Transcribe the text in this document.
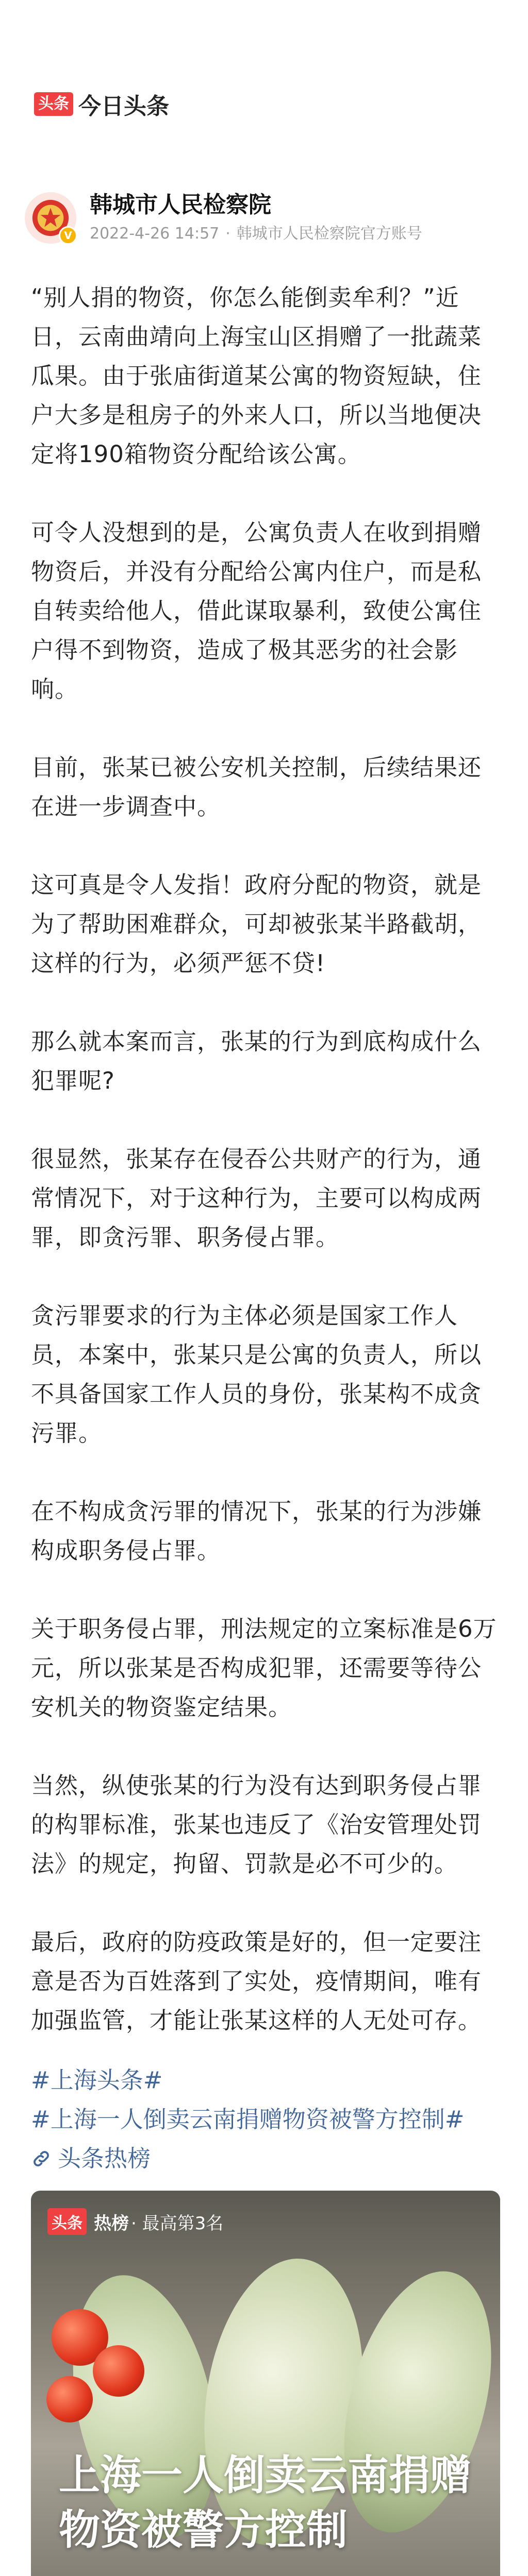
头条 今日头条
V
韩城市人民检察院
2022-4-26 14:57 · 韩城市人民检察院官方账号

“别人捐的物资，你怎么能倒卖牟利？”近日，云南曲靖向上海宝山区捐赠了一批蔬菜瓜果。由于张庙街道某公寓的物资短缺，住户大多是租房子的外来人口，所以当地便决定将190箱物资分配给该公寓。

可令人没想到的是，公寓负责人在收到捐赠物资后，并没有分配给公寓内住户，而是私自转卖给他人，借此谋取暴利，致使公寓住户得不到物资，造成了极其恶劣的社会影响。

目前，张某已被公安机关控制，后续结果还在进一步调查中。

这可真是令人发指！政府分配的物资，就是为了帮助困难群众，可却被张某半路截胡，这样的行为，必须严惩不贷!

那么就本案而言，张某的行为到底构成什么犯罪呢?

很显然，张某存在侵吞公共财产的行为，通常情况下，对于这种行为，主要可以构成两罪，即贪污罪、职务侵占罪。

贪污罪要求的行为主体必须是国家工作人员，本案中，张某只是公寓的负责人，所以不具备国家工作人员的身份，张某构不成贪污罪。

在不构成贪污罪的情况下，张某的行为涉嫌构成职务侵占罪。

关于职务侵占罪，刑法规定的立案标准是6万元，所以张某是否构成犯罪，还需要等待公安机关的物资鉴定结果。

当然，纵使张某的行为没有达到职务侵占罪的构罪标准，张某也违反了《治安管理处罚法》的规定，拘留、罚款是必不可少的。

最后，政府的防疫政策是好的，但一定要注意是否为百姓落到了实处，疫情期间，唯有加强监管，才能让张某这样的人无处可存。

#上海头条#
#上海一人倒卖云南捐赠物资被警方控制#
头条热榜
头条 热榜 · 最高第3名
上海一人倒卖云南捐赠物资被警方控制
